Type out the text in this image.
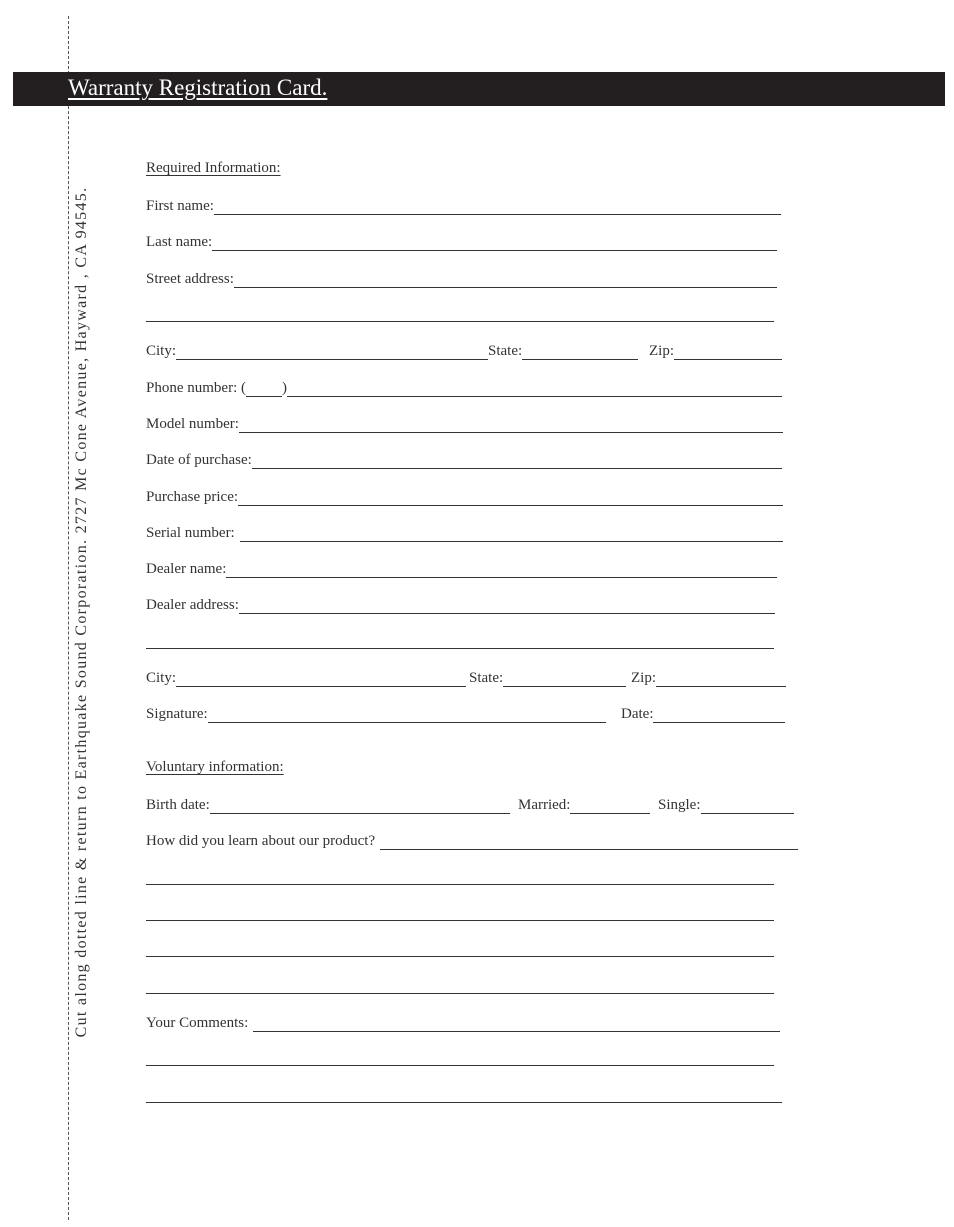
Cut along dotted line & return to Earthquake Sound Corporation. 2727 Mc Cone Avenue, Hayward , CA 94545.
Warranty Registration Card.
Required Information:
First name:
Last name:
Street address:
City:	State:	Zip:
Phone number: ( )
Model number:
Date of purchase:
Purchase price:
Serial number:
Dealer name:
Dealer address:
City:	State:	Zip:
Signature:	Date:
Voluntary information:
Birth date:	Married:	Single:
How did you learn about our product?
Your Comments:
